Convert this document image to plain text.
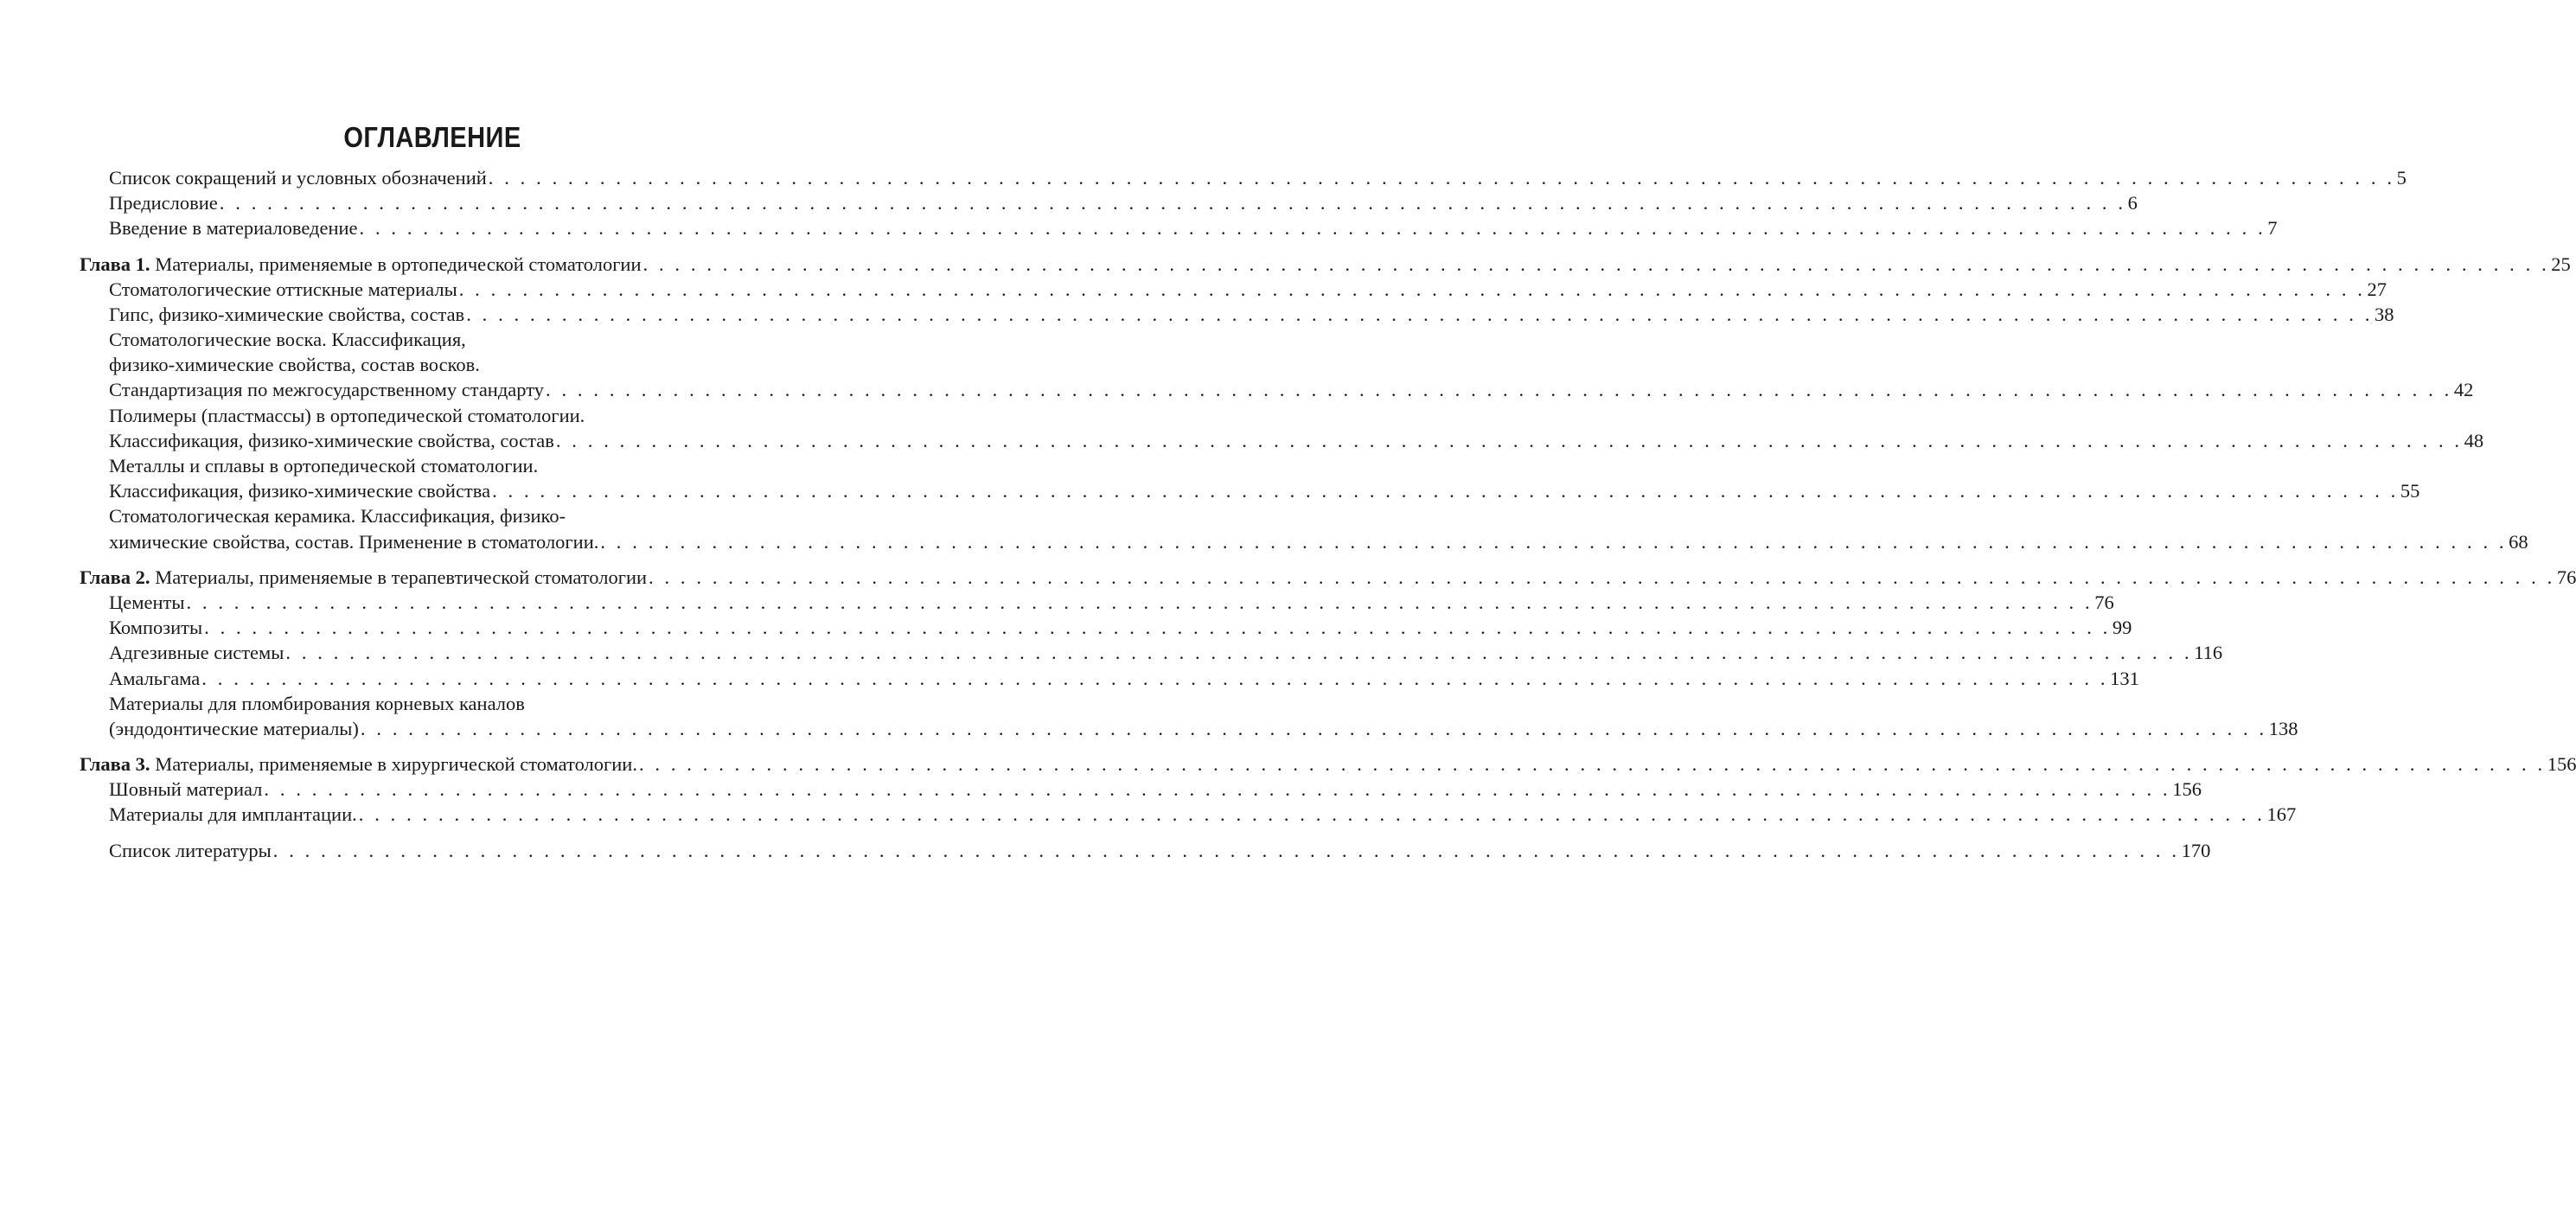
ОГЛАВЛЕНИЕ
Список сокращений и условных обозначений . . . . . . . . . . . . . . . . . . . . . . . . . . . . . . . . . . . . . . . . . . . . . . . . . . . . . . . . . . . . . . . . . . . . . . . . . . . . . . . . . . . . . . . . . . . . . . . . . . . . . . . . . . . . . . . . . . . . . . . . 5
Предисловие . . . . . . . . . . . . . . . . . . . . . . . . . . . . . . . . . . . . . . . . . . . . . . . . . . . . . . . . . . . . . . . . . . . . . . . . . . . . . . . . . . . . . . . . . . . . . . . . . . . . . . . . . . . . . . . . . . . . . . . . 6
Введение в материаловедение . . . . . . . . . . . . . . . . . . . . . . . . . . . . . . . . . . . . . . . . . . . . . . . . . . . . . . . . . . . . . . . . . . . . . . . . . . . . . . . . . . . . . . . . . . . . . . . . . . . . . . . . . . . . . . . . . . . . . . . . 7
Глава 1. Материалы, применяемые в ортопедической стоматологии . . . . . . . . . . . . . . . . . . . . . . . . . . . . . . . . . . . . . . . . . . . . . . . . . . . . . . . . . . . . . . . . . . . . . . . . . . . . . . . . . . . . . . . . . . . . . . . . . . . . . . . . . . . . . . . . . . . . . . . . 25
Стоматологические оттискные материалы . . . . . . . . . . . . . . . . . . . . . . . . . . . . . . . . . . . . . . . . . . . . . . . . . . . . . . . . . . . . . . . . . . . . . . . . . . . . . . . . . . . . . . . . . . . . . . . . . . . . . . . . . . . . . . . . . . . . . . . . 27
Гипс, физико-химические свойства, состав . . . . . . . . . . . . . . . . . . . . . . . . . . . . . . . . . . . . . . . . . . . . . . . . . . . . . . . . . . . . . . . . . . . . . . . . . . . . . . . . . . . . . . . . . . . . . . . . . . . . . . . . . . . . . . . . . . . . . . . . 38
Стоматологические воска. Классификация,
физико-химические свойства, состав восков.
Стандартизация по межгосударственному стандарту . . . . . . . . . . . . . . . . . . . . . . . . . . . . . . . . . . . . . . . . . . . . . . . . . . . . . . . . . . . . . . . . . . . . . . . . . . . . . . . . . . . . . . . . . . . . . . . . . . . . . . . . . . . . . . . . . . . . . . . . 42
Полимеры (пластмассы) в ортопедической стоматологии.
Классификация, физико-химические свойства, состав . . . . . . . . . . . . . . . . . . . . . . . . . . . . . . . . . . . . . . . . . . . . . . . . . . . . . . . . . . . . . . . . . . . . . . . . . . . . . . . . . . . . . . . . . . . . . . . . . . . . . . . . . . . . . . . . . . . . . . . . 48
Металлы и сплавы в ортопедической стоматологии.
Классификация, физико-химические свойства . . . . . . . . . . . . . . . . . . . . . . . . . . . . . . . . . . . . . . . . . . . . . . . . . . . . . . . . . . . . . . . . . . . . . . . . . . . . . . . . . . . . . . . . . . . . . . . . . . . . . . . . . . . . . . . . . . . . . . . . 55
Стоматологическая керамика. Классификация, физико-
химические свойства, состав. Применение в стоматологии. . . . . . . . . . . . . . . . . . . . . . . . . . . . . . . . . . . . . . . . . . . . . . . . . . . . . . . . . . . . . . . . . . . . . . . . . . . . . . . . . . . . . . . . . . . . . . . . . . . . . . . . . . . . . . . . . . . . . . . . . 68
Глава 2. Материалы, применяемые в терапевтической стоматологии . . . . . . . . . . . . . . . . . . . . . . . . . . . . . . . . . . . . . . . . . . . . . . . . . . . . . . . . . . . . . . . . . . . . . . . . . . . . . . . . . . . . . . . . . . . . . . . . . . . . . . . . . . . . . . . . . . . . . . . . 76
Цементы . . . . . . . . . . . . . . . . . . . . . . . . . . . . . . . . . . . . . . . . . . . . . . . . . . . . . . . . . . . . . . . . . . . . . . . . . . . . . . . . . . . . . . . . . . . . . . . . . . . . . . . . . . . . . . . . . . . . . . . . 76
Композиты . . . . . . . . . . . . . . . . . . . . . . . . . . . . . . . . . . . . . . . . . . . . . . . . . . . . . . . . . . . . . . . . . . . . . . . . . . . . . . . . . . . . . . . . . . . . . . . . . . . . . . . . . . . . . . . . . . . . . . . . 99
Адгезивные системы . . . . . . . . . . . . . . . . . . . . . . . . . . . . . . . . . . . . . . . . . . . . . . . . . . . . . . . . . . . . . . . . . . . . . . . . . . . . . . . . . . . . . . . . . . . . . . . . . . . . . . . . . . . . . . . . . . . . . . . . 116
Амальгама . . . . . . . . . . . . . . . . . . . . . . . . . . . . . . . . . . . . . . . . . . . . . . . . . . . . . . . . . . . . . . . . . . . . . . . . . . . . . . . . . . . . . . . . . . . . . . . . . . . . . . . . . . . . . . . . . . . . . . . . 131
Материалы для пломбирования корневых каналов
(эндодонтические материалы) . . . . . . . . . . . . . . . . . . . . . . . . . . . . . . . . . . . . . . . . . . . . . . . . . . . . . . . . . . . . . . . . . . . . . . . . . . . . . . . . . . . . . . . . . . . . . . . . . . . . . . . . . . . . . . . . . . . . . . . . 138
Глава 3. Материалы, применяемые в хирургической стоматологии. . . . . . . . . . . . . . . . . . . . . . . . . . . . . . . . . . . . . . . . . . . . . . . . . . . . . . . . . . . . . . . . . . . . . . . . . . . . . . . . . . . . . . . . . . . . . . . . . . . . . . . . . . . . . . . . . . . . . . . . . 156
Шовный материал . . . . . . . . . . . . . . . . . . . . . . . . . . . . . . . . . . . . . . . . . . . . . . . . . . . . . . . . . . . . . . . . . . . . . . . . . . . . . . . . . . . . . . . . . . . . . . . . . . . . . . . . . . . . . . . . . . . . . . . . 156
Материалы для имплантации. . . . . . . . . . . . . . . . . . . . . . . . . . . . . . . . . . . . . . . . . . . . . . . . . . . . . . . . . . . . . . . . . . . . . . . . . . . . . . . . . . . . . . . . . . . . . . . . . . . . . . . . . . . . . . . . . . . . . . . . . 167
Список литературы . . . . . . . . . . . . . . . . . . . . . . . . . . . . . . . . . . . . . . . . . . . . . . . . . . . . . . . . . . . . . . . . . . . . . . . . . . . . . . . . . . . . . . . . . . . . . . . . . . . . . . . . . . . . . . . . . . . . . . . . 170
